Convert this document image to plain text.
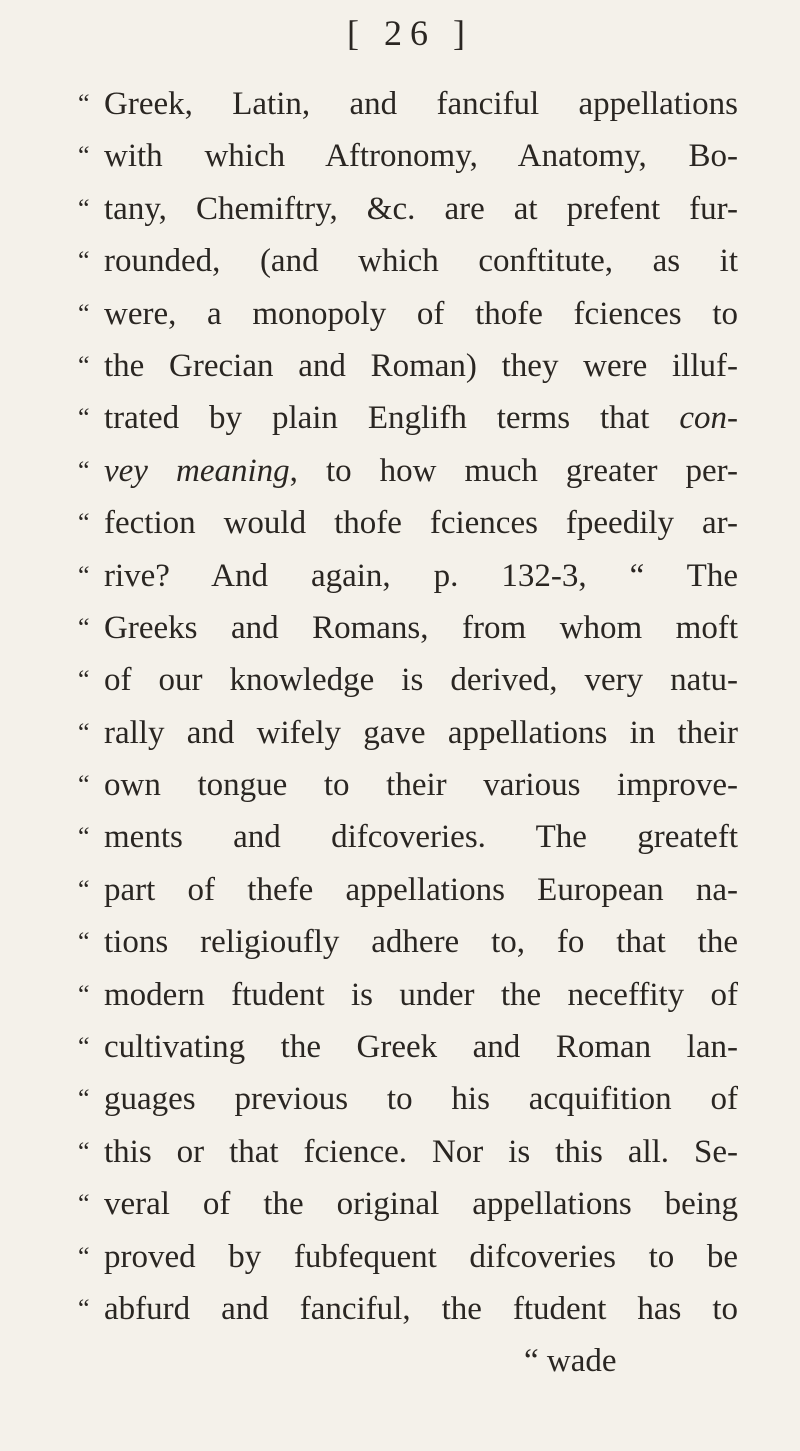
[ 26 ]
“ Greek, Latin, and fanciful appellations
“ with which Aftronomy, Anatomy, Bo-
“ tany, Chemiftry, &c. are at prefent fur-
“ rounded, (and which conftitute, as it
“ were, a monopoly of thofe fciences to
“ the Grecian and Roman) they were illuf-
“ trated by plain Englifh terms that con-
“ vey meaning, to how much greater per-
“ fection would thofe fciences fpeedily ar-
“ rive? And again, p. 132-3, “ The
“ Greeks and Romans, from whom moft
“ of our knowledge is derived, very natu-
“ rally and wifely gave appellations in their
“ own tongue to their various improve-
“ ments and difcoveries. The greateft
“ part of thefe appellations European na-
“ tions religioufly adhere to, fo that the
“ modern ftudent is under the neceffity of
“ cultivating the Greek and Roman lan-
“ guages previous to his acquifition of
“ this or that fcience. Nor is this all. Se-
“ veral of the original appellations being
“ proved by fubfequent difcoveries to be
“ abfurd and fanciful, the ftudent has to
“ wade
